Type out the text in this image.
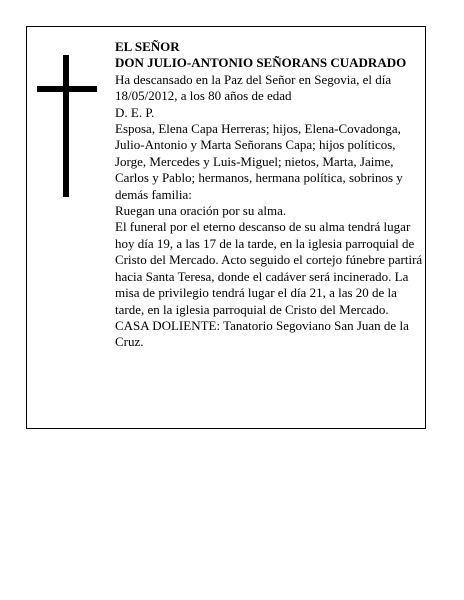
EL SEÑOR

DON JULIO-ANTONIO SEÑORANS CUADRADO

Ha descansado en la Paz del Señor en Segovia, el día 18/05/2012, a los 80 años de edad

D. E. P.

Esposa, Elena Capa Herreras; hijos, Elena-Covadonga, Julio-Antonio y Marta Señorans Capa; hijos políticos, Jorge, Mercedes y Luis-Miguel; nietos, Marta, Jaime, Carlos y Pablo; hermanos, hermana política, sobrinos y demás familia:

Ruegan una oración por su alma.

El funeral por el eterno descanso de su alma tendrá lugar hoy día 19, a las 17 de la tarde, en la iglesia parroquial de Cristo del Mercado. Acto seguido el cortejo fúnebre partirá hacia Santa Teresa, donde el cadáver será incinerado. La misa de privilegio tendrá lugar el día 21, a las 20 de la tarde, en la iglesia parroquial de Cristo del Mercado.

CASA DOLIENTE: Tanatorio Segoviano San Juan de la Cruz.
